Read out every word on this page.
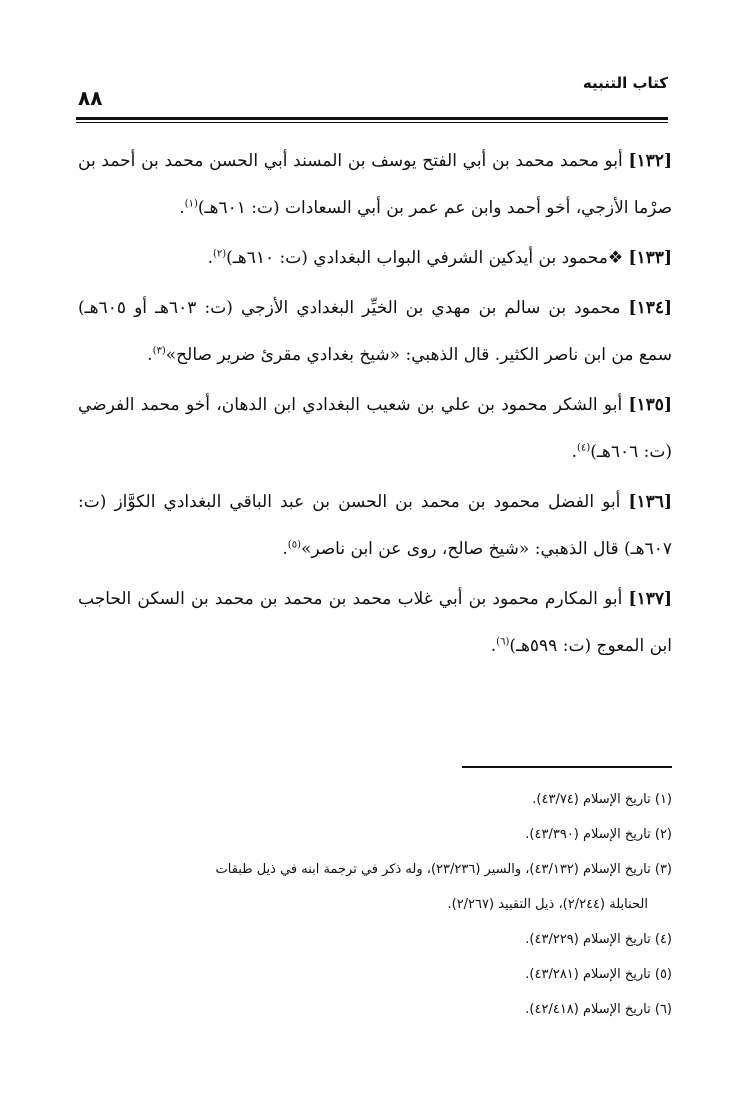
كتاب التنبيه
٨٨

[١٣٢] أبو محمد محمد بن أبي الفتح يوسف بن المسند أبي الحسن محمد بن أحمد بن صرْما الأزجي، أخو أحمد وابن عم عمر بن أبي السعادات (ت: ٦٠١هـ)$^{(١)}$.

[١٣٣] ❖محمود بن أيدكين الشرفي البواب البغدادي (ت: ٦١٠هـ)$^{(٢)}$.

[١٣٤] محمود بن سالم بن مهدي بن الخيِّر البغدادي الأزجي (ت: ٦٠٣هـ أو ٦٠٥هـ) سمع من ابن ناصر الكثير. قال الذهبي: «شيخ بغدادي مقرئ ضرير صالح»$^{(٣)}$.

[١٣٥] أبو الشكر محمود بن علي بن شعيب البغدادي ابن الدهان، أخو محمد الفرضي (ت: ٦٠٦هـ)$^{(٤)}$.

[١٣٦] أبو الفضل محمود بن محمد بن الحسن بن عبد الباقي البغدادي الكوَّاز (ت: ٦٠٧هـ) قال الذهبي: «شيخ صالح، روى عن ابن ناصر»$^{(٥)}$.

[١٣٧] أبو المكارم محمود بن أبي غلاب محمد بن محمد بن محمد بن السكن الحاجب ابن المعوج (ت: ٥٩٩هـ)$^{(٦)}$.

(١) تاريخ الإسلام (٤٣/٧٤).

(٢) تاريخ الإسلام (٤٣/٣٩٠).

(٣) تاريخ الإسلام (٤٣/١٣٢)، والسير (٢٣/٢٣٦)، وله ذكر في ترجمة ابنه في ذيل طبقات

الحنابلة (٢/٢٤٤)، ذيل التقييد (٢/٢٦٧).

(٤) تاريخ الإسلام (٤٣/٢٢٩).

(٥) تاريخ الإسلام (٤٣/٢٨١).

(٦) تاريخ الإسلام (٤٢/٤١٨).
